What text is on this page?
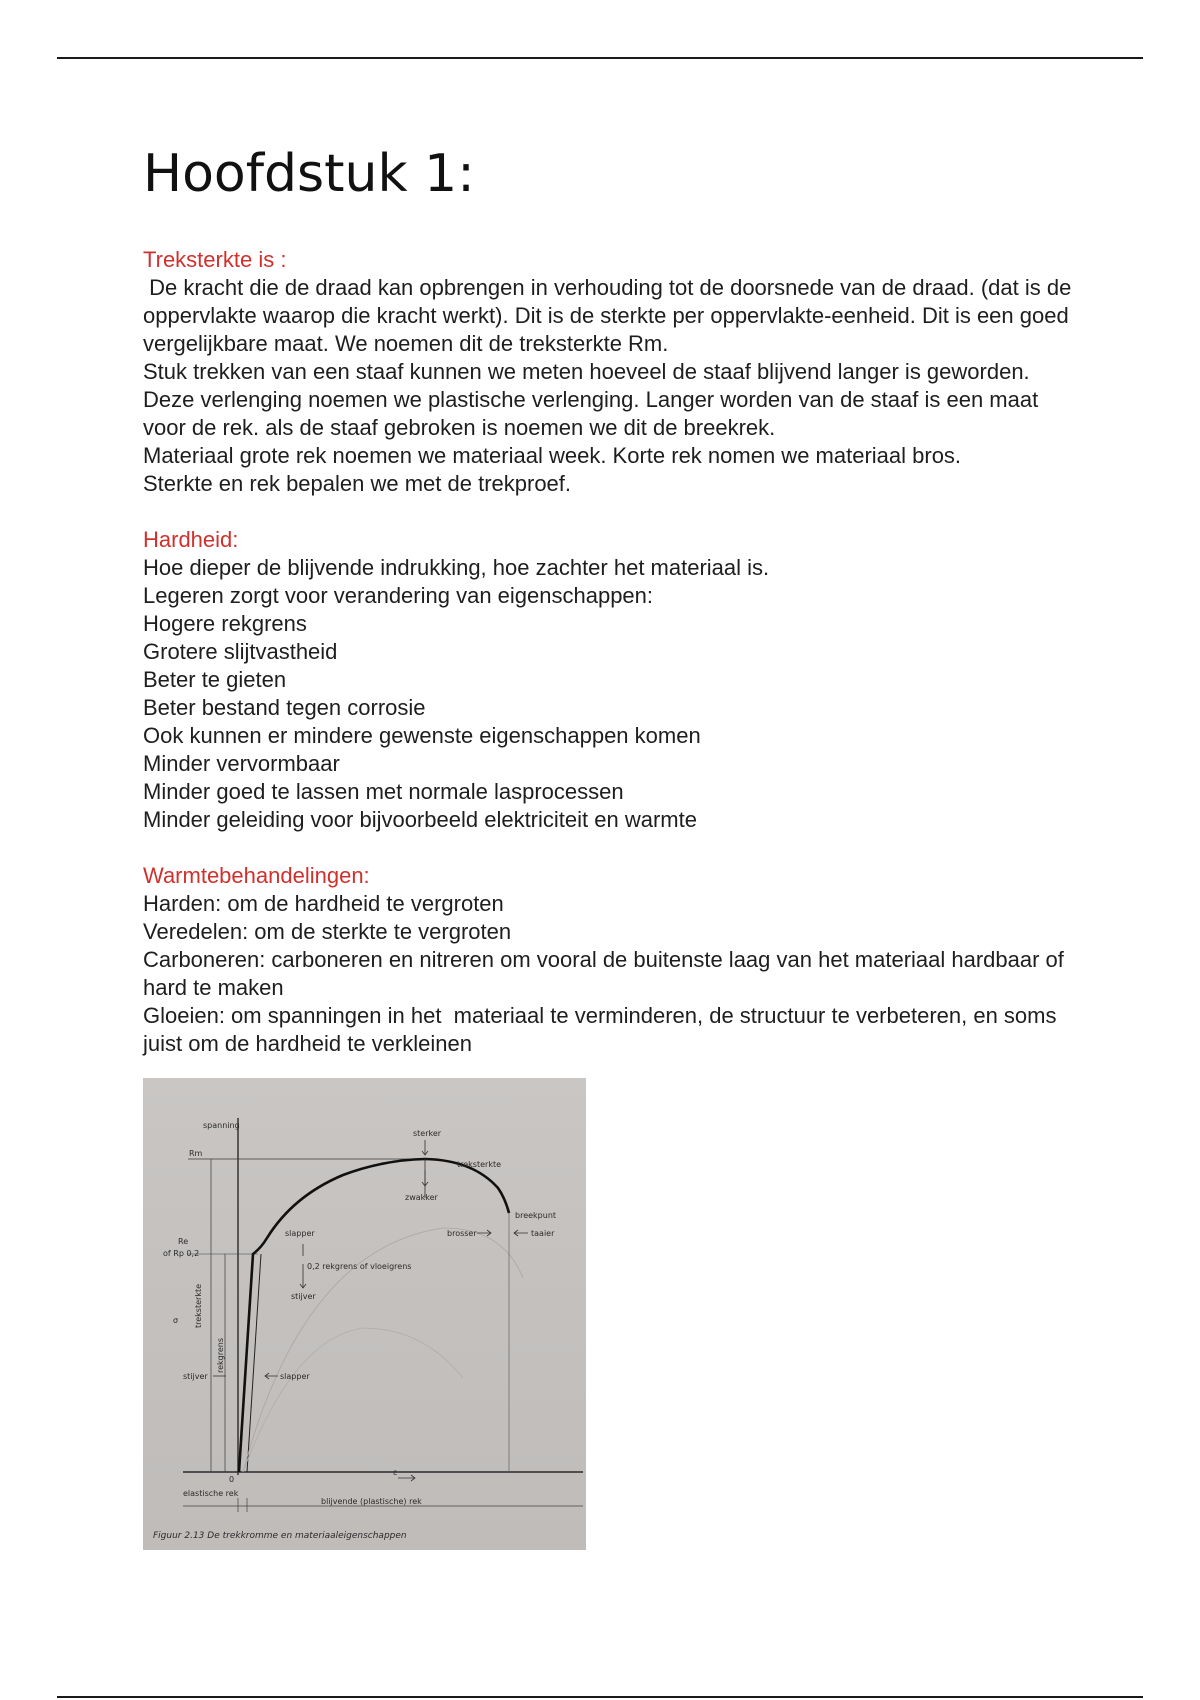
Hoofdstuk 1:

Treksterkte is :

De kracht die de draad kan opbrengen in verhouding tot de doorsnede van de draad. (dat is de oppervlakte waarop die kracht werkt). Dit is de sterkte per oppervlakte-eenheid. Dit is een goed vergelijkbare maat. We noemen dit de treksterkte Rm.

Stuk trekken van een staaf kunnen we meten hoeveel de staaf blijvend langer is geworden. Deze verlenging noemen we plastische verlenging. Langer worden van de staaf is een maat voor de rek. als de staaf gebroken is noemen we dit de breekrek.

Materiaal grote rek noemen we materiaal week. Korte rek nomen we materiaal bros.

Sterkte en rek bepalen we met de trekproef.

Hardheid:

Hoe dieper de blijvende indrukking, hoe zachter het materiaal is.
Legeren zorgt voor verandering van eigenschappen:
Hogere rekgrens
Grotere slijtvastheid
Beter te gieten
Beter bestand tegen corrosie
Ook kunnen er mindere gewenste eigenschappen komen
Minder vervormbaar
Minder goed te lassen met normale lasprocessen
Minder geleiding voor bijvoorbeeld elektriciteit en warmte

Warmtebehandelingen:

Harden: om de hardheid te vergroten
Veredelen: om de sterkte te vergroten
Carboneren: carboneren en nitreren om vooral de buitenste laag van het materiaal hardbaar of hard te maken
Gloeien: om spanningen in het  materiaal te verminderen, de structuur te verbeteren, en soms juist om de hardheid te verkleinen
spanning
Rm
Re
of Rp 0,2
sterker
treksterkte
zwakker
breekpunt
slapper	brosser	taaier
0,2 rekgrens of vloeigrens
stijver
σ treksterkte
rekgrens
stijver	slapper
0
ε
elastische rek
blijvende (plastische) rek
Figuur 2.13 De trekkromme en materiaaleigenschappen
